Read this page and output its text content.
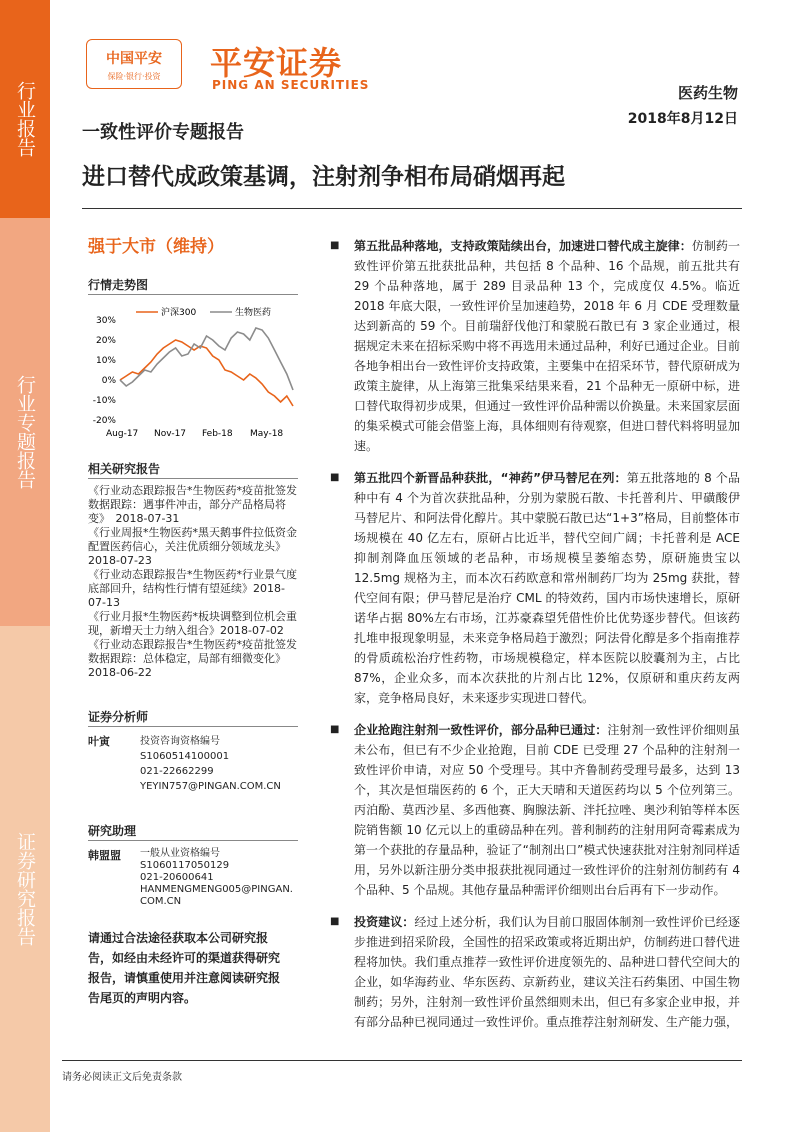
行业报告
行业专题报告
证券研究报告
中国平安
保险·银行·投资	平安证券
PING AN SECURITIES	医药生物
2018年8月12日
一致性评价专题报告
进口替代成政策基调，注射剂争相布局硝烟再起
强于大市（维持）
行情走势图
30%
20%
10%
0%
-10%
-20%
Aug-17 Nov-17 Feb-18 May-18
沪深300	生物医药
相关研究报告
《行业动态跟踪报告*生物医药*疫苗批签发数据跟踪：遇事件冲击，部分产品格局将变》　2018-07-31
《行业周报*生物医药*黑天鹅事件拉低资金配置医药信心，关注优质细分领域龙头》　2018-07-23
《行业动态跟踪报告*生物医药*行业景气度底部回升，结构性行情有望延续》2018-07-13
《行业月报*生物医药*板块调整到位机会重现，新增天士力纳入组合》2018-07-02
《行业动态跟踪报告*生物医药*疫苗批签发数据跟踪：总体稳定，局部有细微变化》　2018-06-22
证券分析师
叶寅	投资咨询资格编号
S1060514100001
021-22662299
YEYIN757@PINGAN.COM.CN
研究助理
韩盟盟 一般从业资格编号
S1060117050129
021-20600641
HANMENGMENG005@PINGAN.COM.CN
请通过合法途径获取本公司研究报告，如经由未经许可的渠道获得研究报告，请慎重使用并注意阅读研究报告尾页的声明内容。
■ 第五批品种落地，支持政策陆续出台，加速进口替代成主旋律：仿制药一致性评价第五批获批品种，共包括 8 个品种、16 个品规，前五批共有 29 个品种落地，属于 289 目录品种 13 个，完成度仅 4.5%。临近 2018 年底大限，一致性评价呈加速趋势，2018 年 6 月 CDE 受理数量达到新高的 59 个。目前瑞舒伐他汀和蒙脱石散已有 3 家企业通过，根据规定未来在招标采购中将不再选用未通过品种，利好已通过企业。目前各地争相出台一致性评价支持政策，主要集中在招采环节，替代原研成为政策主旋律，从上海第三批集采结果来看，21 个品种无一原研中标，进口替代取得初步成果，但通过一致性评价品种需以价换量。未来国家层面的集采模式可能会借鉴上海，具体细则有待观察，但进口替代料将明显加速。
■ 第五批四个新晋品种获批，“神药”伊马替尼在列：第五批落地的 8 个品种中有 4 个为首次获批品种，分别为蒙脱石散、卡托普利片、甲磺酸伊马替尼片、和阿法骨化醇片。其中蒙脱石散已达“1+3”格局，目前整体市场规模在 40 亿左右，原研占比近半，替代空间广阔；卡托普利是 ACE 抑制剂降血压领域的老品种，市场规模呈萎缩态势，原研施贵宝以 12.5mg 规格为主，而本次石药欧意和常州制药厂均为 25mg 获批，替代空间有限；伊马替尼是治疗 CML 的特效药，国内市场快速增长，原研诺华占据 80%左右市场，江苏豪森望凭借性价比优势逐步替代。但该药扎堆申报现象明显，未来竞争格局趋于激烈；阿法骨化醇是多个指南推荐的骨质疏松治疗性药物，市场规模稳定，样本医院以胶囊剂为主，占比 87%，企业众多，而本次获批的片剂占比 12%，仅原研和重庆药友两家，竞争格局良好，未来逐步实现进口替代。
■ 企业抢跑注射剂一致性评价，部分品种已通过：注射剂一致性评价细则虽未公布，但已有不少企业抢跑，目前 CDE 已受理 27 个品种的注射剂一致性评价申请，对应 50 个受理号。其中齐鲁制药受理号最多，达到 13 个，其次是恒瑞医药的 6 个，正大天晴和天道医药均以 5 个位列第三。丙泊酚、莫西沙星、多西他赛、胸腺法新、泮托拉唑、奥沙利铂等样本医院销售额 10 亿元以上的重磅品种在列。普利制药的注射用阿奇霉素成为第一个获批的存量品种，验证了“制剂出口”模式快速获批对注射剂同样适用，另外以新注册分类申报获批视同通过一致性评价的注射剂仿制药有 4 个品种、5 个品规。其他存量品种需评价细则出台后再有下一步动作。
■ 投资建议：经过上述分析，我们认为目前口服固体制剂一致性评价已经逐步推进到招采阶段，全国性的招采政策或将近期出炉，仿制药进口替代进程将加快。我们重点推荐一致性评价进度领先的、品种进口替代空间大的企业，如华海药业、华东医药、京新药业，建议关注石药集团、中国生物制药；另外，注射剂一致性评价虽然细则未出，但已有多家企业申报，并有部分品种已视同通过一致性评价。重点推荐注射剂研发、生产能力强，
请务必阅读正文后免责条款
